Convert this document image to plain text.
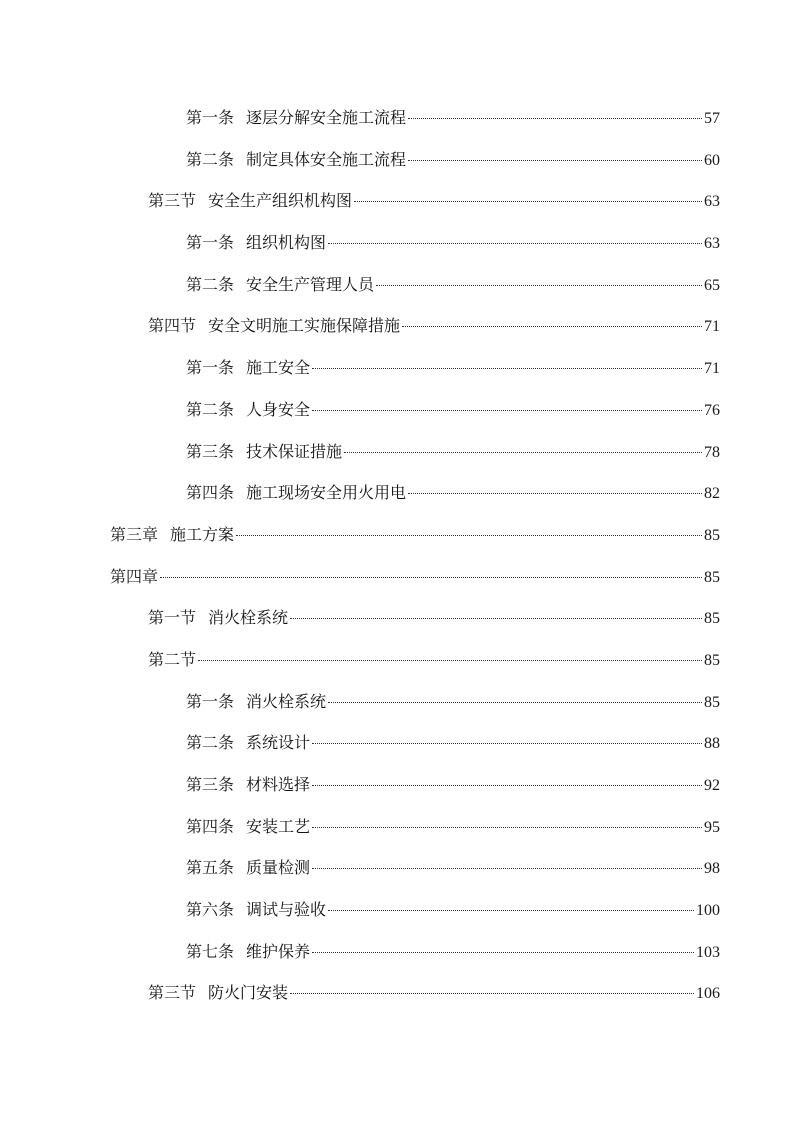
第一条 逐层分解安全施工流程	57
第二条 制定具体安全施工流程	60
第三节 安全生产组织机构图	63
第一条 组织机构图	63
第二条 安全生产管理人员	65
第四节 安全文明施工实施保障措施	71
第一条 施工安全	71
第二条 人身安全	76
第三条 技术保证措施	78
第四条 施工现场安全用火用电	82
第三章 施工方案	85
第四章	85
第一节 消火栓系统	85
第二节	85
第一条 消火栓系统	85
第二条 系统设计	88
第三条 材料选择	92
第四条 安装工艺	95
第五条 质量检测	98
第六条 调试与验收	100
第七条 维护保养	103
第三节 防火门安装	106
